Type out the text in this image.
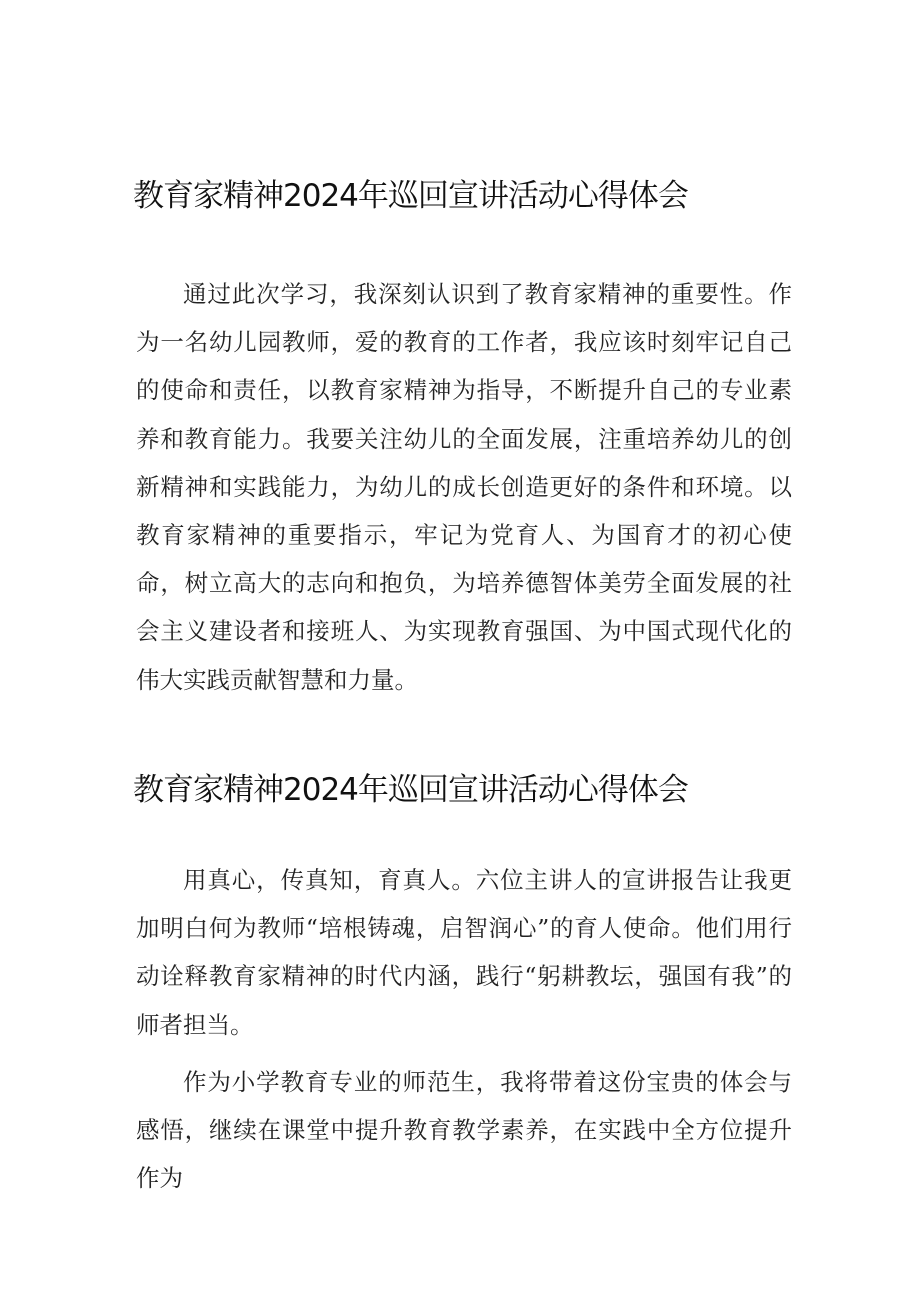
教育家精神2024年巡回宣讲活动心得体会

通过此次学习，我深刻认识到了教育家精神的重要性。作为一名幼儿园教师，爱的教育的工作者，我应该时刻牢记自己的使命和责任，以教育家精神为指导，不断提升自己的专业素养和教育能力。我要关注幼儿的全面发展，注重培养幼儿的创新精神和实践能力，为幼儿的成长创造更好的条件和环境。以教育家精神的重要指示，牢记为党育人、为国育才的初心使命，树立高大的志向和抱负，为培养德智体美劳全面发展的社会主义建设者和接班人、为实现教育强国、为中国式现代化的伟大实践贡献智慧和力量。

教育家精神2024年巡回宣讲活动心得体会

用真心，传真知，育真人。六位主讲人的宣讲报告让我更加明白何为教师“培根铸魂，启智润心”的育人使命。他们用行动诠释教育家精神的时代内涵，践行“躬耕教坛，强国有我”的师者担当。

作为小学教育专业的师范生，我将带着这份宝贵的体会与感悟，继续在课堂中提升教育教学素养，在实践中全方位提升作为
